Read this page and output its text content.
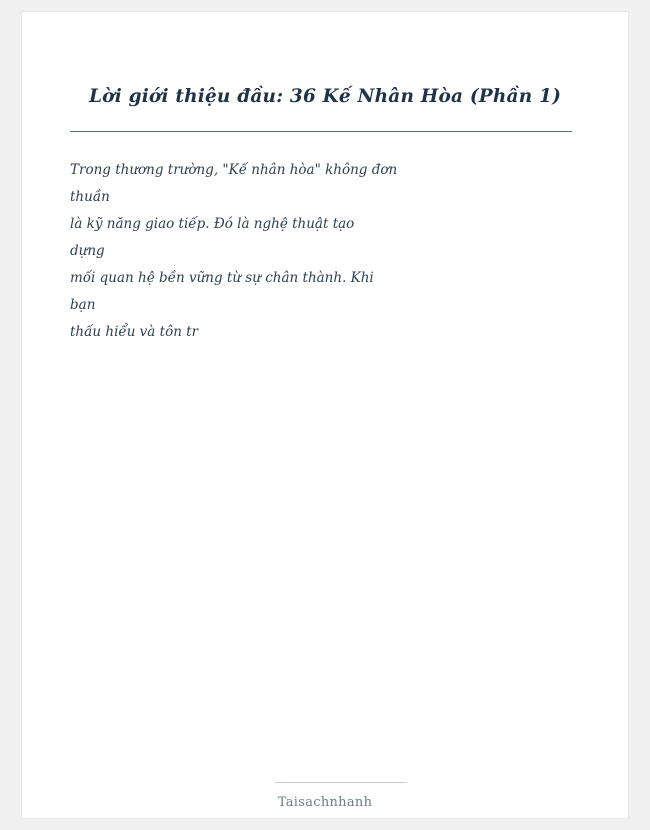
Lời giới thiệu đầu: 36 Kế Nhân Hòa (Phần 1)
Trong thương trường, "Kế nhân hòa" không đơn
thuần
là kỹ năng giao tiếp. Đó là nghệ thuật tạo
dựng
mối quan hệ bền vững từ sự chân thành. Khi
bạn
thấu hiểu và tôn tr
Taisachnhanh
